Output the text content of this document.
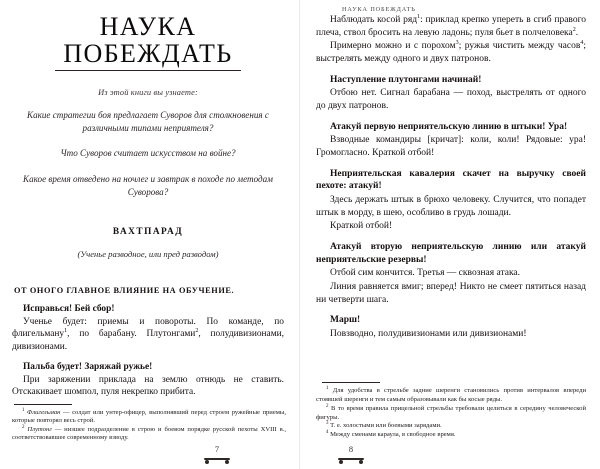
НАУКА
ПОБЕЖДАТЬ

Из этой книги вы узнаете:

Какие стратегии боя предлагает Суворов для столкновения с различными типами неприятеля?

Что Суворов считает искусством на войне?

Какое время отведено на ночлег и завтрак в походе по методам Суворова?

ВАХТПАРАД

(Ученье разводное, или пред разводом)

ОТ ОНОГО ГЛАВНОЕ ВЛИЯНИЕ НА ОБУЧЕНИЕ.

Исправься! Бей сбор!

Ученье будет: приемы и повороты. По команде, по флигельману$^1$, по барабану. Плутонгами$^2$, полудивизионами, дивизионами.

Пальба будет! Заряжай ружье!

При заряжении приклада на землю отнюдь не ставить. Отскакивает шомпол, пуля некрепко прибита.

$^1$ Флигельман — солдат или унтер-офицер, выполнявший перед строем ружейные приемы, которые повторял весь строй.

$^2$ Плутонг — низшее подразделение в строю и боевом порядке русской пехоты XVIII в., соответствовавшее современному взводу.

7
НАУКА ПОБЕЖДАТЬ

Наблюдать косой ряд$^1$: приклад крепко упереть в сгиб правого плеча, ствол бросить на левую ладонь; пуля бьет в полчеловека$^2$.

Примерно можно и с порохом$^3$; ружья чистить между часов$^4$; выстрелять между одного и двух патронов.

Наступление плутонгами начинай!

Отбою нет. Сигнал барабана — поход, выстрелять от одного до двух патронов.

Атакуй первую неприятельскую линию в штыки! Ура!

Взводные командиры [кричат]: коли, коли! Рядовые: ура! Громогласно. Краткой отбой!

Неприятельская кавалерия скачет на выручку своей пехоте: атакуй!

Здесь держать штык в брюхо человеку. Случится, что попадет штык в морду, в шею, особливо в грудь лошади.

Краткой отбой!

Атакуй вторую неприятельскую линию или атакуй неприятельские резервы!

Отбой сим кончится. Третья — сквозная атака.

Линия равняется вмиг; вперед! Никто не смеет пятиться назад ни четверти шага.

Марш!

Повзводно, полудивизионами или дивизионами!

$^1$ Для удобства в стрельбе задние шеренги становились против интервалов впереди стоявшей шеренги и тем самым образовывали как бы косые ряды.

$^2$ В то время правила прицельной стрельбы требовали целиться в середину человеческой фигуры.

$^3$ Т. е. холостыми или боевыми зарядами.

$^4$ Между сменами караула, в свободное время.

8
